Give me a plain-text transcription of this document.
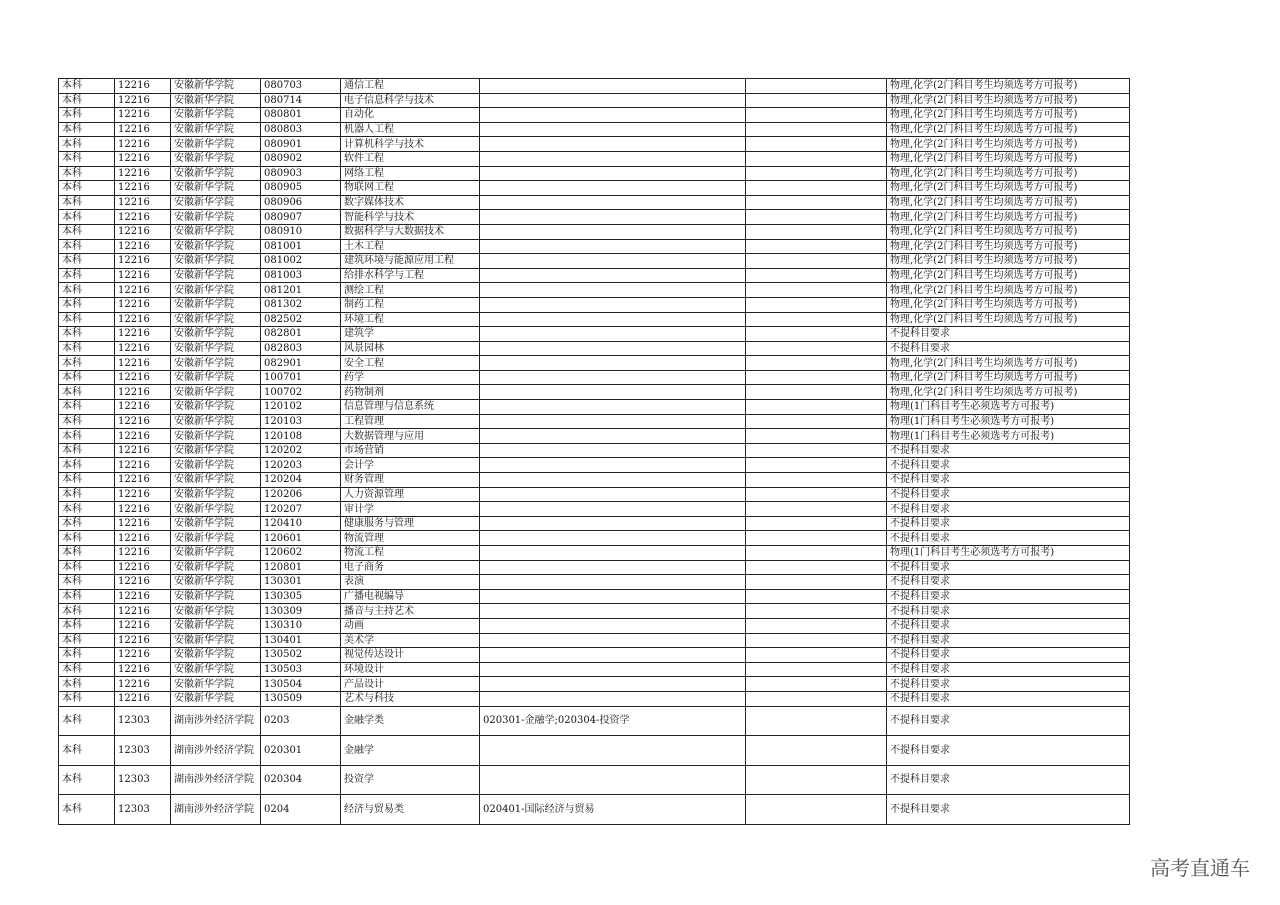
本科	12216	安徽新华学院	080703	通信工程			物理,化学(2门科目考生均须选考方可报考)
本科	12216	安徽新华学院	080714	电子信息科学与技术			物理,化学(2门科目考生均须选考方可报考)
本科	12216	安徽新华学院	080801	自动化			物理,化学(2门科目考生均须选考方可报考)
本科	12216	安徽新华学院	080803	机器人工程			物理,化学(2门科目考生均须选考方可报考)
本科	12216	安徽新华学院	080901	计算机科学与技术			物理,化学(2门科目考生均须选考方可报考)
本科	12216	安徽新华学院	080902	软件工程			物理,化学(2门科目考生均须选考方可报考)
本科	12216	安徽新华学院	080903	网络工程			物理,化学(2门科目考生均须选考方可报考)
本科	12216	安徽新华学院	080905	物联网工程			物理,化学(2门科目考生均须选考方可报考)
本科	12216	安徽新华学院	080906	数字媒体技术			物理,化学(2门科目考生均须选考方可报考)
本科	12216	安徽新华学院	080907	智能科学与技术			物理,化学(2门科目考生均须选考方可报考)
本科	12216	安徽新华学院	080910	数据科学与大数据技术			物理,化学(2门科目考生均须选考方可报考)
本科	12216	安徽新华学院	081001	土木工程			物理,化学(2门科目考生均须选考方可报考)
本科	12216	安徽新华学院	081002	建筑环境与能源应用工程			物理,化学(2门科目考生均须选考方可报考)
本科	12216	安徽新华学院	081003	给排水科学与工程			物理,化学(2门科目考生均须选考方可报考)
本科	12216	安徽新华学院	081201	测绘工程			物理,化学(2门科目考生均须选考方可报考)
本科	12216	安徽新华学院	081302	制药工程			物理,化学(2门科目考生均须选考方可报考)
本科	12216	安徽新华学院	082502	环境工程			物理,化学(2门科目考生均须选考方可报考)
本科	12216	安徽新华学院	082801	建筑学			不提科目要求
本科	12216	安徽新华学院	082803	风景园林			不提科目要求
本科	12216	安徽新华学院	082901	安全工程			物理,化学(2门科目考生均须选考方可报考)
本科	12216	安徽新华学院	100701	药学			物理,化学(2门科目考生均须选考方可报考)
本科	12216	安徽新华学院	100702	药物制剂			物理,化学(2门科目考生均须选考方可报考)
本科	12216	安徽新华学院	120102	信息管理与信息系统			物理(1门科目考生必须选考方可报考)
本科	12216	安徽新华学院	120103	工程管理			物理(1门科目考生必须选考方可报考)
本科	12216	安徽新华学院	120108	大数据管理与应用			物理(1门科目考生必须选考方可报考)
本科	12216	安徽新华学院	120202	市场营销			不提科目要求
本科	12216	安徽新华学院	120203	会计学			不提科目要求
本科	12216	安徽新华学院	120204	财务管理			不提科目要求
本科	12216	安徽新华学院	120206	人力资源管理			不提科目要求
本科	12216	安徽新华学院	120207	审计学			不提科目要求
本科	12216	安徽新华学院	120410	健康服务与管理			不提科目要求
本科	12216	安徽新华学院	120601	物流管理			不提科目要求
本科	12216	安徽新华学院	120602	物流工程			物理(1门科目考生必须选考方可报考)
本科	12216	安徽新华学院	120801	电子商务			不提科目要求
本科	12216	安徽新华学院	130301	表演			不提科目要求
本科	12216	安徽新华学院	130305	广播电视编导			不提科目要求
本科	12216	安徽新华学院	130309	播音与主持艺术			不提科目要求
本科	12216	安徽新华学院	130310	动画			不提科目要求
本科	12216	安徽新华学院	130401	美术学			不提科目要求
本科	12216	安徽新华学院	130502	视觉传达设计			不提科目要求
本科	12216	安徽新华学院	130503	环境设计			不提科目要求
本科	12216	安徽新华学院	130504	产品设计			不提科目要求
本科	12216	安徽新华学院	130509	艺术与科技			不提科目要求
本科	12303	湖南涉外经济学院	0203	金融学类	020301-金融学;020304-投资学		不提科目要求
本科	12303	湖南涉外经济学院	020301	金融学			不提科目要求
本科	12303	湖南涉外经济学院	020304	投资学			不提科目要求
本科	12303	湖南涉外经济学院	0204	经济与贸易类	020401-国际经济与贸易		不提科目要求
高考直通车
